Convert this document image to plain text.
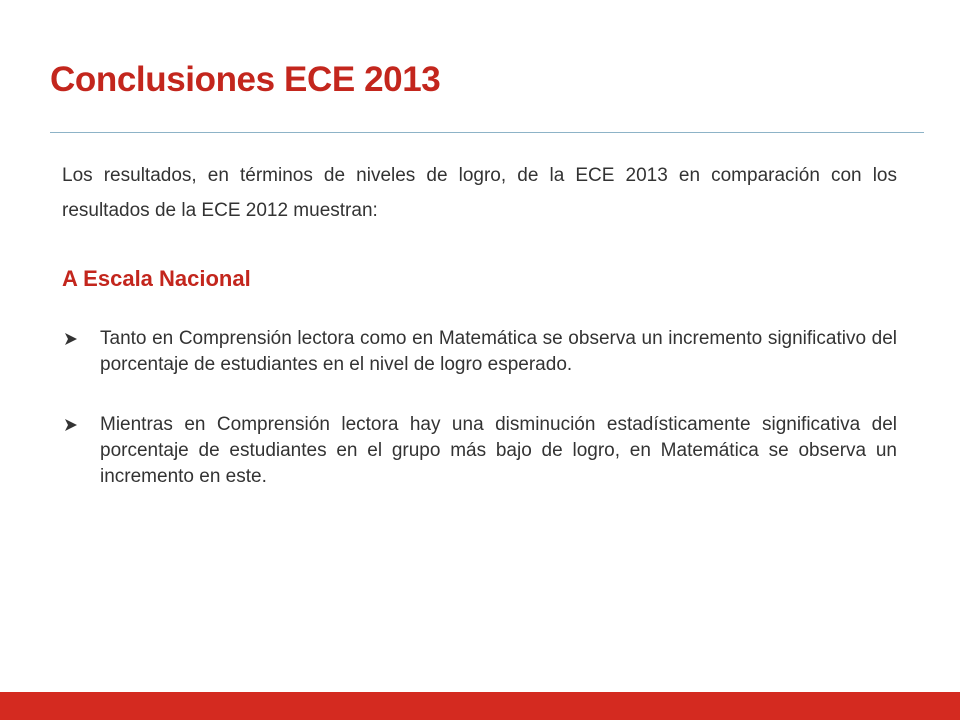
Conclusiones ECE 2013

Los resultados, en términos de niveles de logro, de la ECE 2013 en comparación con los resultados de la ECE 2012 muestran:

A Escala Nacional
Tanto en Comprensión lectora como en Matemática se observa un incremento significativo del porcentaje de estudiantes en el nivel de logro esperado.
Mientras en Comprensión lectora hay una disminución estadísticamente significativa del porcentaje de estudiantes en el grupo más bajo de logro, en Matemática se observa un incremento en este.
